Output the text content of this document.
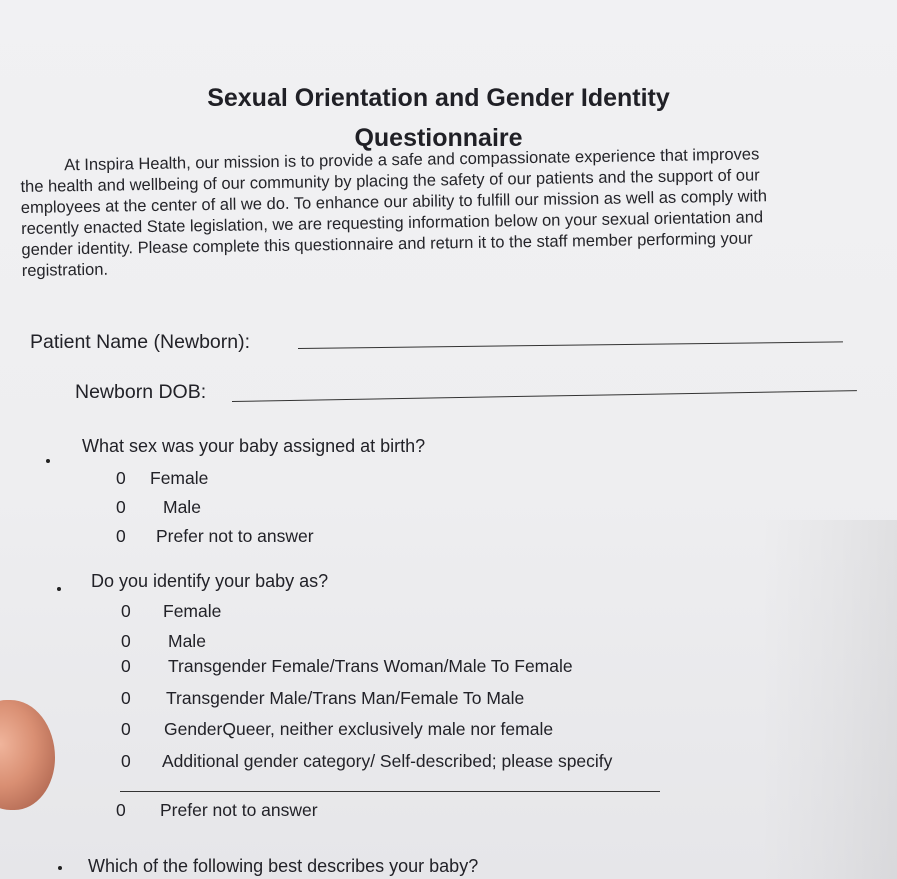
Sexual Orientation and Gender Identity
Questionnaire
At Inspira Health, our mission is to provide a safe and compassionate experience that improves
the health and wellbeing of our community by placing the safety of our patients and the support of our
employees at the center of all we do. To enhance our ability to fulfill our mission as well as comply with
recently enacted State legislation, we are requesting information below on your sexual orientation and
gender identity. Please complete this questionnaire and return it to the staff member performing your
registration.
Patient Name (Newborn):
Newborn DOB:
What sex was your baby assigned at birth?
0 Female
0 Male
0 Prefer not to answer
Do you identify your baby as?
0 Female
0 Male
0 Transgender Female/Trans Woman/Male To Female
0 Transgender Male/Trans Man/Female To Male
0 GenderQueer, neither exclusively male nor female
0 Additional gender category/ Self-described; please specify
0 Prefer not to answer
Which of the following best describes your baby?
